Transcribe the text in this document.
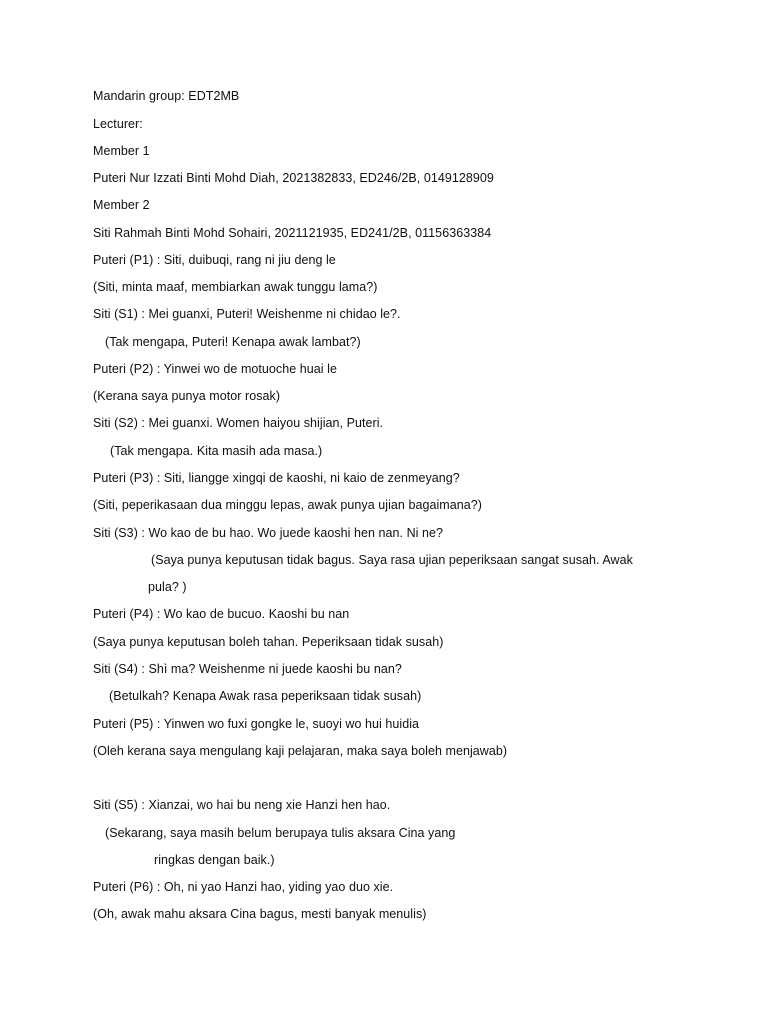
Mandarin group: EDT2MB
Lecturer:
Member 1
Puteri Nur Izzati Binti Mohd Diah, 2021382833, ED246/2B, 0149128909
Member 2
Siti Rahmah Binti Mohd Sohairi, 2021121935, ED241/2B, 01156363384
Puteri (P1) : Siti, duibuqi, rang ni jiu deng le
(Siti, minta maaf, membiarkan awak tunggu lama?)
Siti (S1) : Mei guanxi, Puteri! Weishenme ni chidao le?.
(Tak mengapa, Puteri! Kenapa awak lambat?)
Puteri (P2) : Yinwei wo de motuoche huai le
(Kerana saya punya motor rosak)
Siti (S2) : Mei guanxi. Women haiyou shijian, Puteri.
(Tak mengapa. Kita masih ada masa.)
Puteri (P3) : Siti, liangge xingqi de kaoshi, ni kaio de zenmeyang?
(Siti, peperikasaan dua minggu lepas, awak punya ujian bagaimana?)
Siti (S3) : Wo kao de bu hao. Wo juede kaoshi hen nan. Ni ne?
(Saya punya keputusan tidak bagus. Saya rasa ujian peperiksaan sangat susah. Awak
pula? )
Puteri (P4) : Wo kao de bucuo. Kaoshi bu nan
(Saya punya keputusan boleh tahan. Peperiksaan tidak susah)
Siti (S4) : Shì ma? Weishenme ni juede kaoshi bu nan?
(Betulkah? Kenapa Awak rasa peperiksaan tidak susah)
Puteri (P5) : Yinwen wo fuxi gongke le, suoyi wo hui huidia
(Oleh kerana saya mengulang kaji pelajaran, maka saya boleh menjawab)
Siti (S5) : Xianzai, wo hai bu neng xie Hanzi hen hao.
(Sekarang, saya masih belum berupaya tulis aksara Cina yang
ringkas dengan baik.)
Puteri (P6) : Oh, ni yao Hanzi hao, yiding yao duo xie.
(Oh, awak mahu aksara Cina bagus, mesti banyak menulis)
